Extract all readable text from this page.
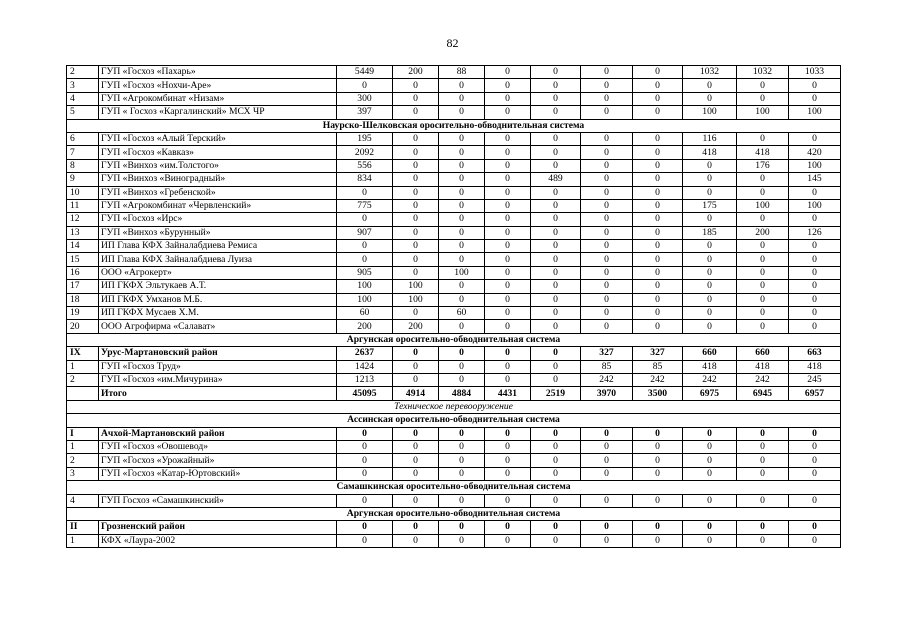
82
2	ГУП «Госхоз «Пахарь»	5449	200	88	0	0	0	0	1032	1032	1033
3	ГУП «Госхоз «Нохчи-Аре»	0	0	0	0	0	0	0	0	0	0
4	ГУП «Агрокомбинат «Низам»	300	0	0	0	0	0	0	0	0	0
5	ГУП « Госхоз «Каргалинский» МСХ ЧР	397	0	0	0	0	0	0	100	100	100
Наурско-Шелковская оросительно-обводнительная система											
6	ГУП «Госхоз «Алый Терский»	195	0	0	0	0	0	0	116	0	0
7	ГУП «Госхоз «Кавказ»	2092	0	0	0	0	0	0	418	418	420
8	ГУП «Винхоз «им.Толстого»	556	0	0	0	0	0	0	0	176	100
9	ГУП «Винхоз «Виноградный»	834	0	0	0	489	0	0	0	0	145
10	ГУП «Винхоз «Гребенской»	0	0	0	0	0	0	0	0	0	0
11	ГУП «Агрокомбинат «Червленский»	775	0	0	0	0	0	0	175	100	100
12	ГУП «Госхоз «Ирс»	0	0	0	0	0	0	0	0	0	0
13	ГУП «Винхоз «Бурунный»	907	0	0	0	0	0	0	185	200	126
14	ИП Глава КФХ Зайналабдиева Ремиса	0	0	0	0	0	0	0	0	0	0
15	ИП Глава КФХ Зайналабдиева Луиза	0	0	0	0	0	0	0	0	0	0
16	ООО «Агрокерт»	905	0	100	0	0	0	0	0	0	0
17	ИП ГКФХ Эльтукаев А.Т.	100	100	0	0	0	0	0	0	0	0
18	ИП ГКФХ Умханов М.Б.	100	100	0	0	0	0	0	0	0	0
19	ИП ГКФХ Мусаев Х.М.	60	0	60	0	0	0	0	0	0	0
20	ООО Агрофирма «Салават»	200	200	0	0	0	0	0	0	0	0
Аргунская оросительно-обводнительная система											
IX	Урус-Мартановский район	2637	0	0	0	0	327	327	660	660	663
1	ГУП «Госхоз Труд»	1424	0	0	0	0	85	85	418	418	418
2	ГУП «Госхоз «им.Мичурина»	1213	0	0	0	0	242	242	242	242	245
	Итого	45095	4914	4884	4431	2519	3970	3500	6975	6945	6957
Техническое перевооружение											
Ассинская оросительно-обводнительная система											
I	Ачхой-Мартановский район	0	0	0	0	0	0	0	0	0	0
1	ГУП «Госхоз «Овошевод»	0	0	0	0	0	0	0	0	0	0
2	ГУП «Госхоз «Урожайный»	0	0	0	0	0	0	0	0	0	0
3	ГУП «Госхоз «Катар-Юртовский»	0	0	0	0	0	0	0	0	0	0
Самашкинская оросительно-обводнительная система											
4	ГУП Госхоз «Самашкинский»	0	0	0	0	0	0	0	0	0	0
Аргунская оросительно-обводнительная система											
II	Грозненский район	0	0	0	0	0	0	0	0	0	0
1	КФХ «Лаура-2002	0	0	0	0	0	0	0	0	0	0
